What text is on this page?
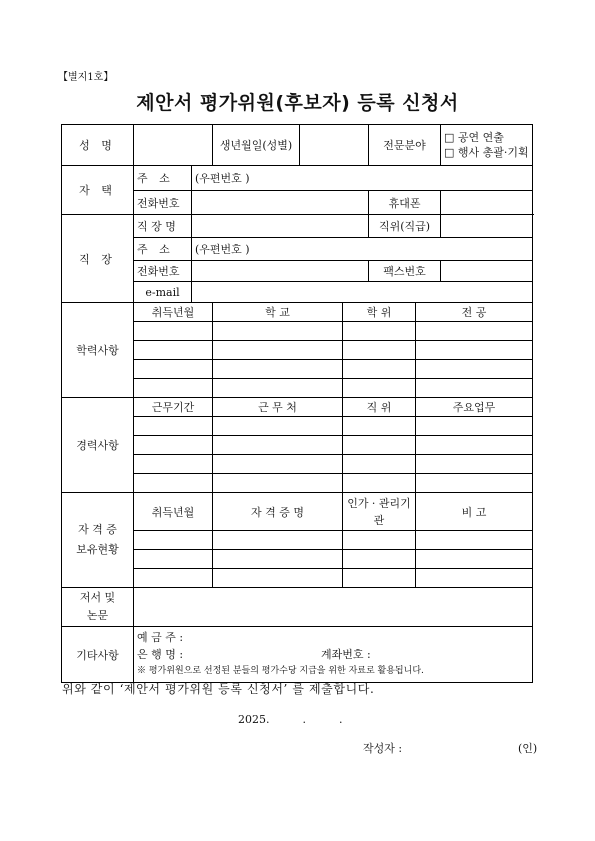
【별지1호】
제안서 평가위원(후보자) 등록 신청서
성 명			생년월일(성별)			전문분야		□ 공연 연출
□ 행사 총괄·기획

자 택	주 소	(우편번호 )						
	전화번호					휴대폰		
직 장	직 장 명					직위(직급)		
	주 소	(우편번호 )						
	전화번호					팩스번호		
	e-mail							
학력사항	취득년월		학 교		학 위		전 공	

경력사항	근무기간		근 무 처		직 위		주요업무	

자 격 증
보유현황	취득년월		자 격 증 명		인가 · 관리기관		비 고	

저서 및
논문								

기타사항	예 금 주 :
은 행 명 : 계좌번호 :
※ 평가위원으로 선정된 분들의 평가수당 지급을 위한 자료로 활용됩니다.							
위와 같이 ‘제안서 평가위원 등록 신청서’ 를 제출합니다.
2025.	.	.
작성자 :	(인)
